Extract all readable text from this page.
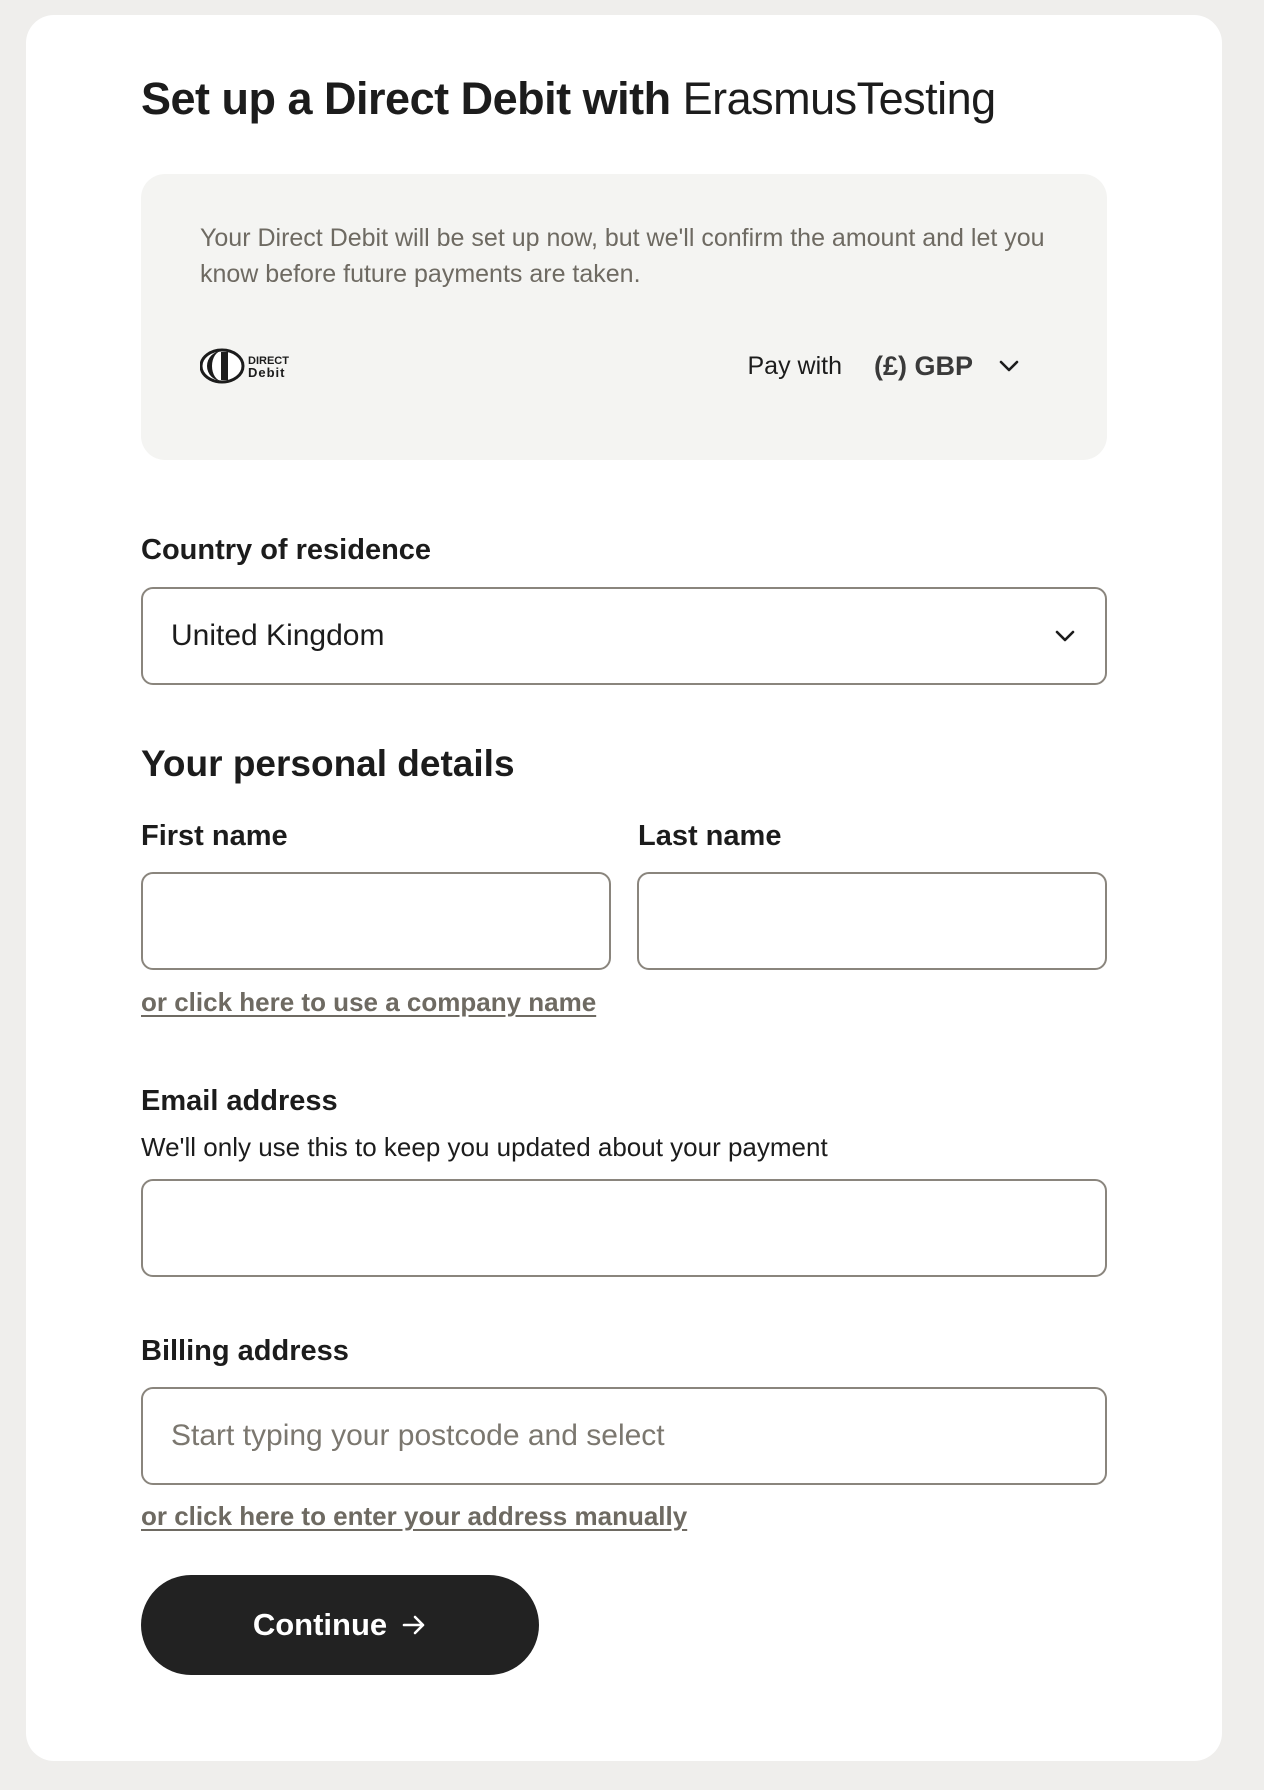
Set up a Direct Debit with ErasmusTesting

Your Direct Debit will be set up now, but we'll confirm the amount and let you know before future payments are taken.

DIRECT
Debit	Pay with (£) GBP
Country of residence
United Kingdom
Your personal details
First name	Last name
or click here to use a company name
Email address

We'll only use this to keep you updated about your payment

Billing address
Start typing your postcode and select
or click here to enter your address manually
Continue
